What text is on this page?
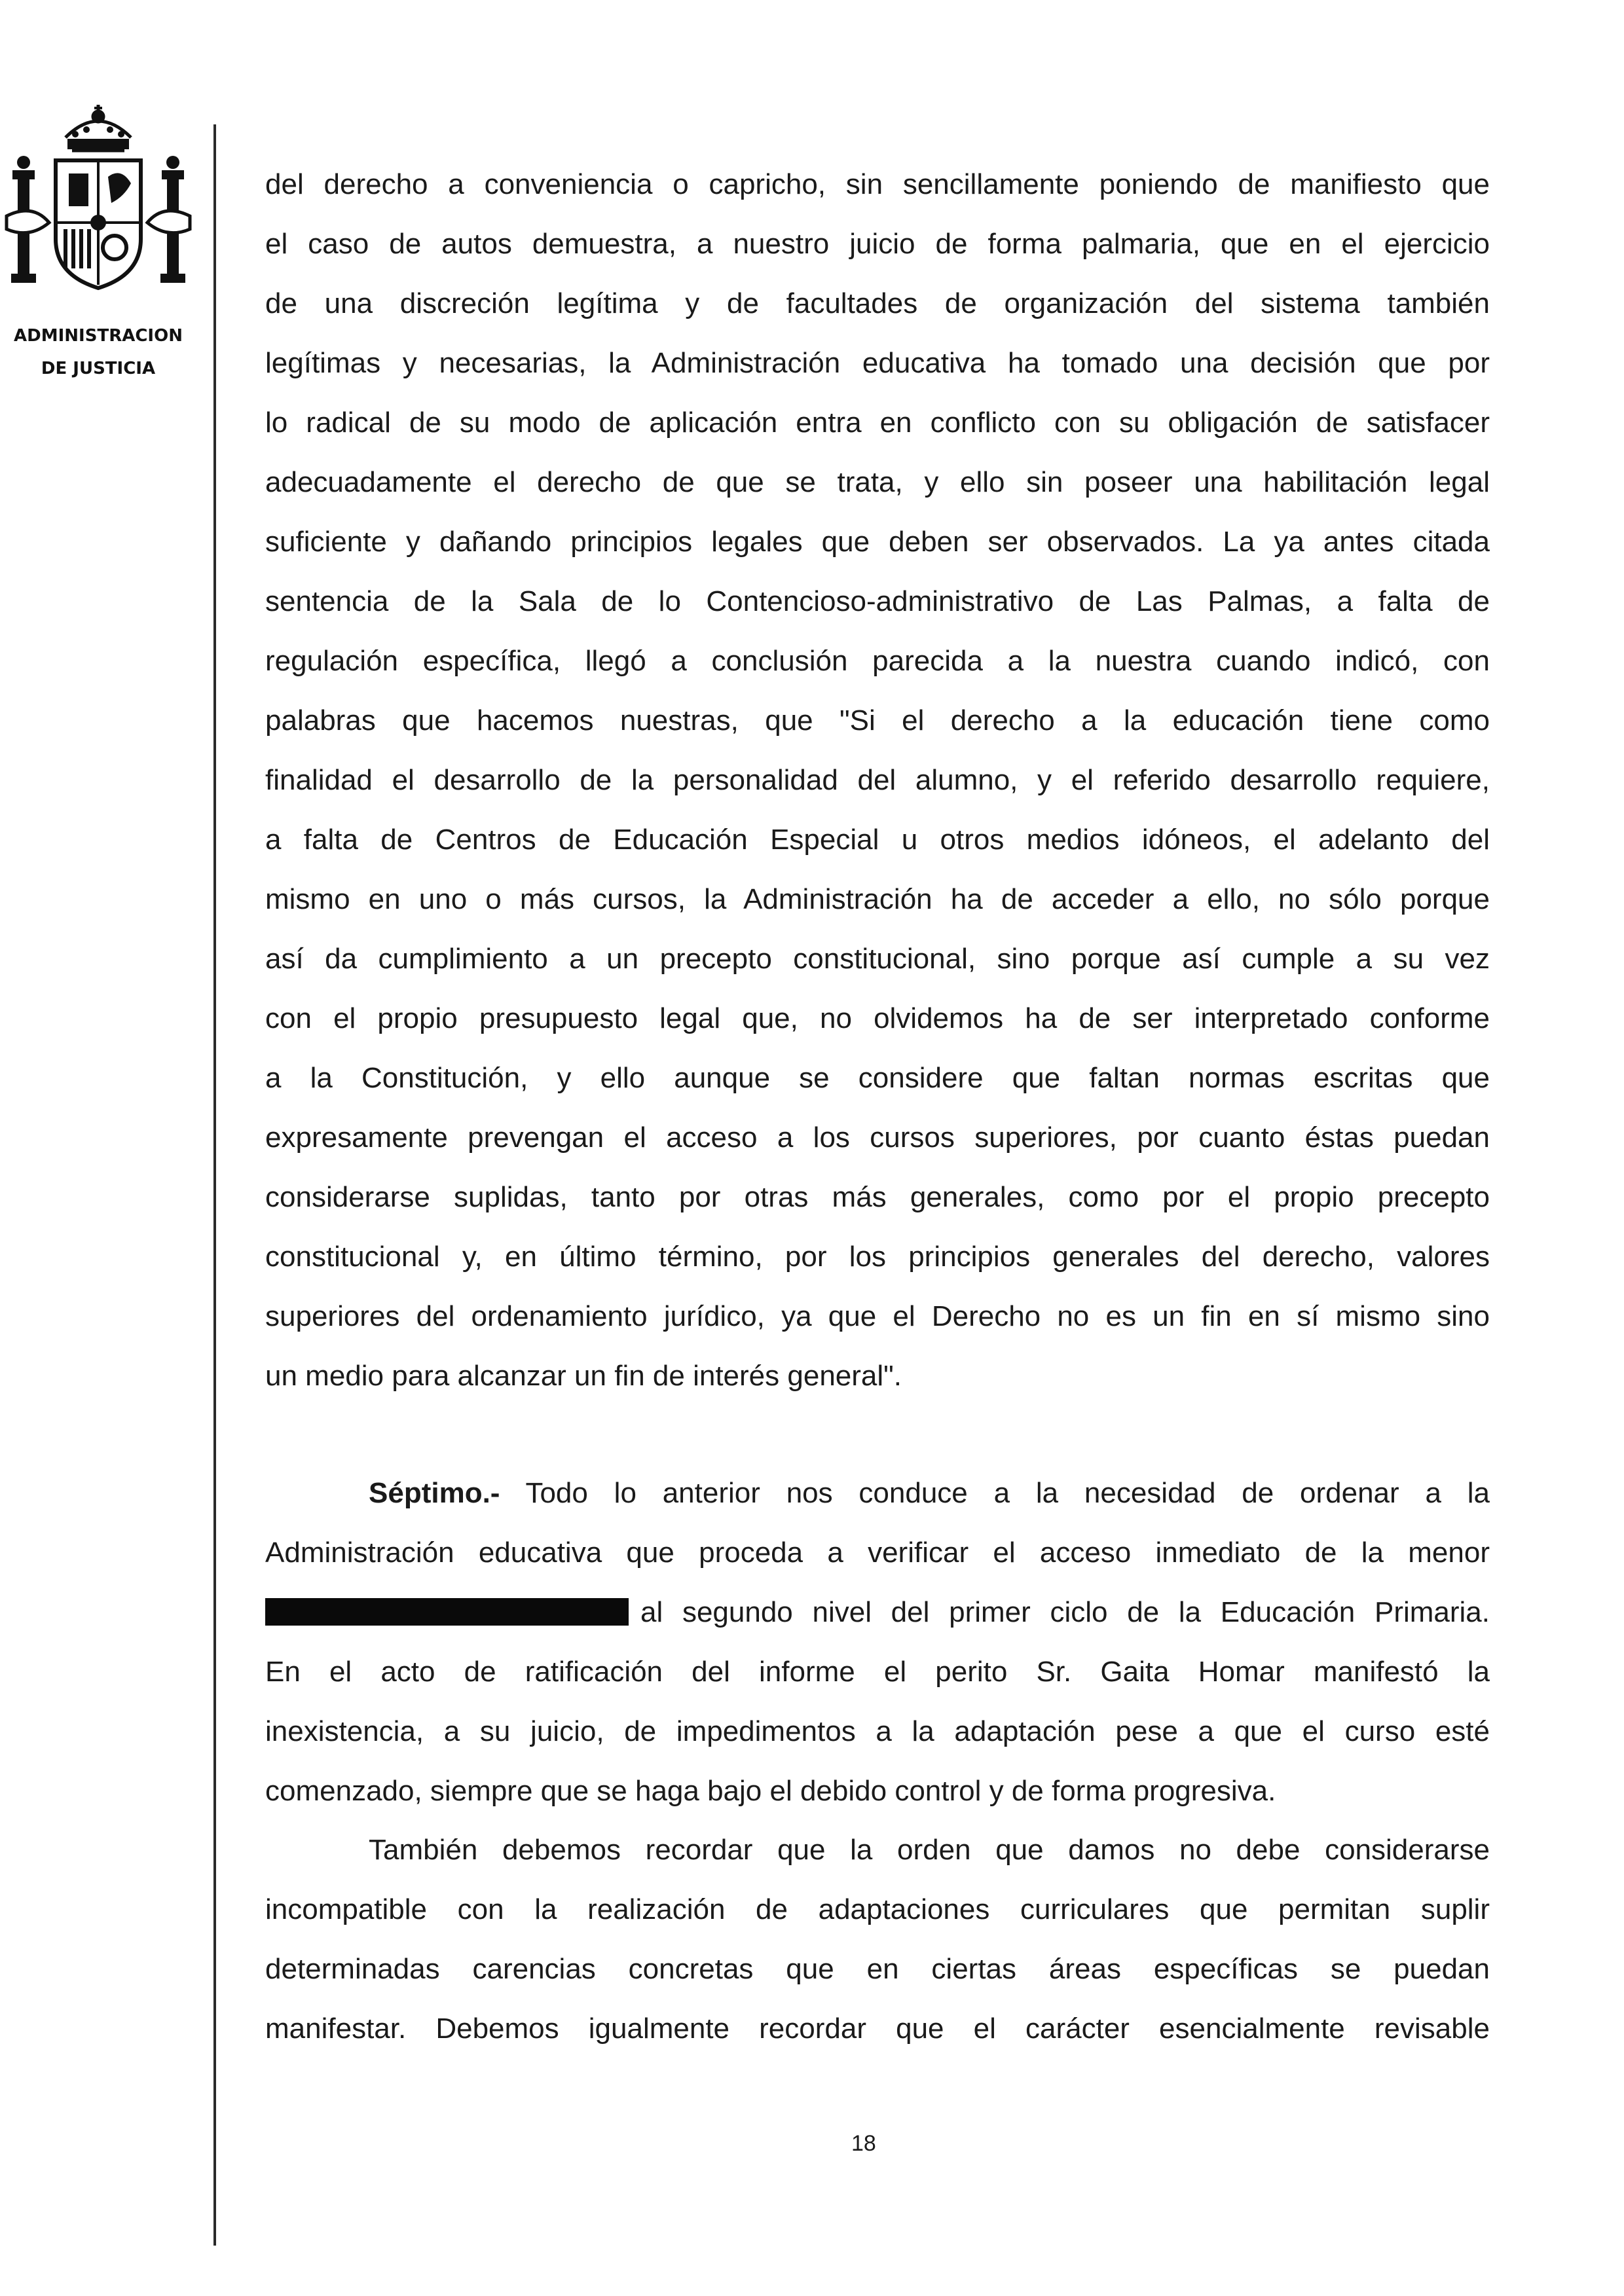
ADMINISTRACION
DE JUSTICIA

del derecho a conveniencia o capricho, sin sencillamente poniendo de manifiesto que

el caso de autos demuestra, a nuestro juicio de forma palmaria, que en el ejercicio

de una discreción legítima y de facultades de organización del sistema también

legítimas y necesarias, la Administración educativa ha tomado una decisión que por

lo radical de su modo de aplicación entra en conflicto con su obligación de satisfacer

adecuadamente el derecho de que se trata, y ello sin poseer una habilitación legal

suficiente y dañando principios legales que deben ser observados. La ya antes citada

sentencia de la Sala de lo Contencioso-administrativo de Las Palmas, a falta de

regulación específica, llegó a conclusión parecida a la nuestra cuando indicó, con

palabras que hacemos nuestras, que "Si el derecho a la educación tiene como

finalidad el desarrollo de la personalidad del alumno, y el referido desarrollo requiere,

a falta de Centros de Educación Especial u otros medios idóneos, el adelanto del

mismo en uno o más cursos, la Administración ha de acceder a ello, no sólo porque

así da cumplimiento a un precepto constitucional, sino porque así cumple a su vez

con el propio presupuesto legal que, no olvidemos ha de ser interpretado conforme

a la Constitución, y ello aunque se considere que faltan normas escritas que

expresamente prevengan el acceso a los cursos superiores, por cuanto éstas puedan

considerarse suplidas, tanto por otras más generales, como por el propio precepto

constitucional y, en último término, por los principios generales del derecho, valores

superiores del ordenamiento jurídico, ya que el Derecho no es un fin en sí mismo sino

un medio para alcanzar un fin de interés general".

Séptimo.- Todo lo anterior nos conduce a la necesidad de ordenar a la

Administración educativa que proceda a verificar el acceso inmediato de la menor

al segundo nivel del primer ciclo de la Educación Primaria.

En el acto de ratificación del informe el perito Sr. Gaita Homar manifestó la

inexistencia, a su juicio, de impedimentos a la adaptación pese a que el curso esté

comenzado, siempre que se haga bajo el debido control y de forma progresiva.

También debemos recordar que la orden que damos no debe considerarse

incompatible con la realización de adaptaciones curriculares que permitan suplir

determinadas carencias concretas que en ciertas áreas específicas se puedan

manifestar. Debemos igualmente recordar que el carácter esencialmente revisable

18
